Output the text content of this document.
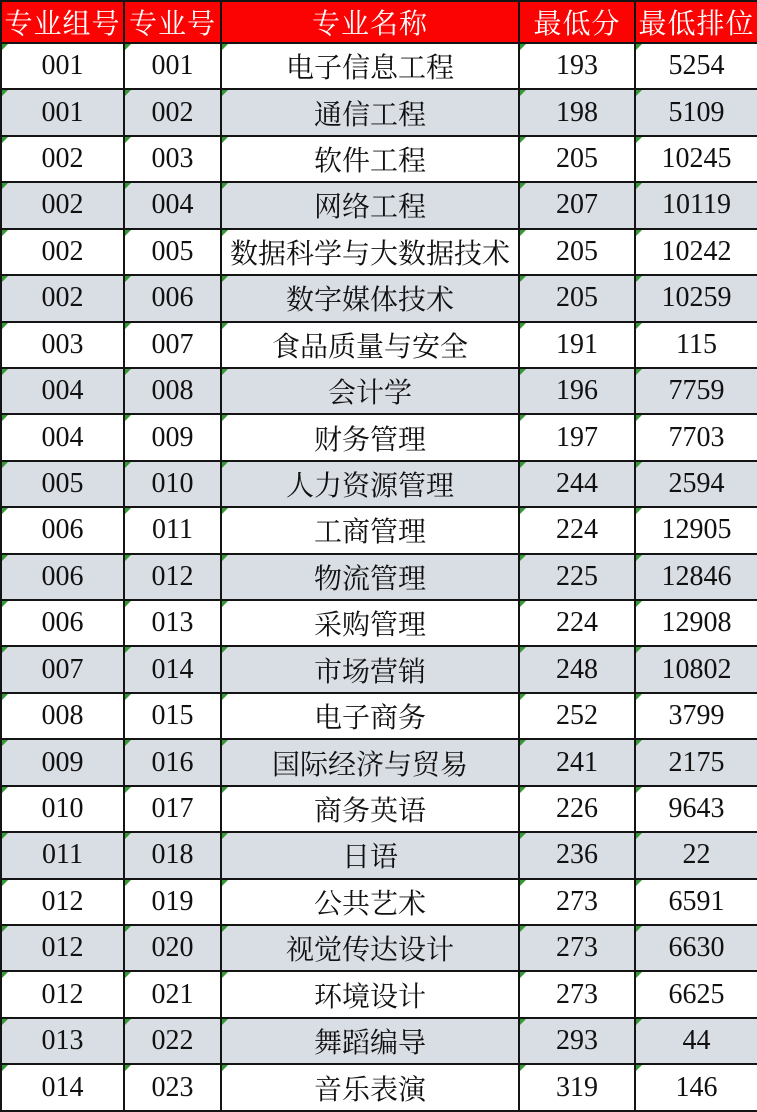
专业组号	专业号	专业名称	最低分	最低排位

001	001	电子信息工程	193	5254

001	002	通信工程	198	5109

002	003	软件工程	205	10245

002	004	网络工程	207	10119

002	005	数据科学与大数据技术	205	10242

002	006	数字媒体技术	205	10259

003	007	食品质量与安全	191	115

004	008	会计学	196	7759

004	009	财务管理	197	7703

005	010	人力资源管理	244	2594

006	011	工商管理	224	12905

006	012	物流管理	225	12846

006	013	采购管理	224	12908

007	014	市场营销	248	10802

008	015	电子商务	252	3799

009	016	国际经济与贸易	241	2175

010	017	商务英语	226	9643

011	018	日语	236	22

012	019	公共艺术	273	6591

012	020	视觉传达设计	273	6630

012	021	环境设计	273	6625

013	022	舞蹈编导	293	44

014	023	音乐表演	319	146
